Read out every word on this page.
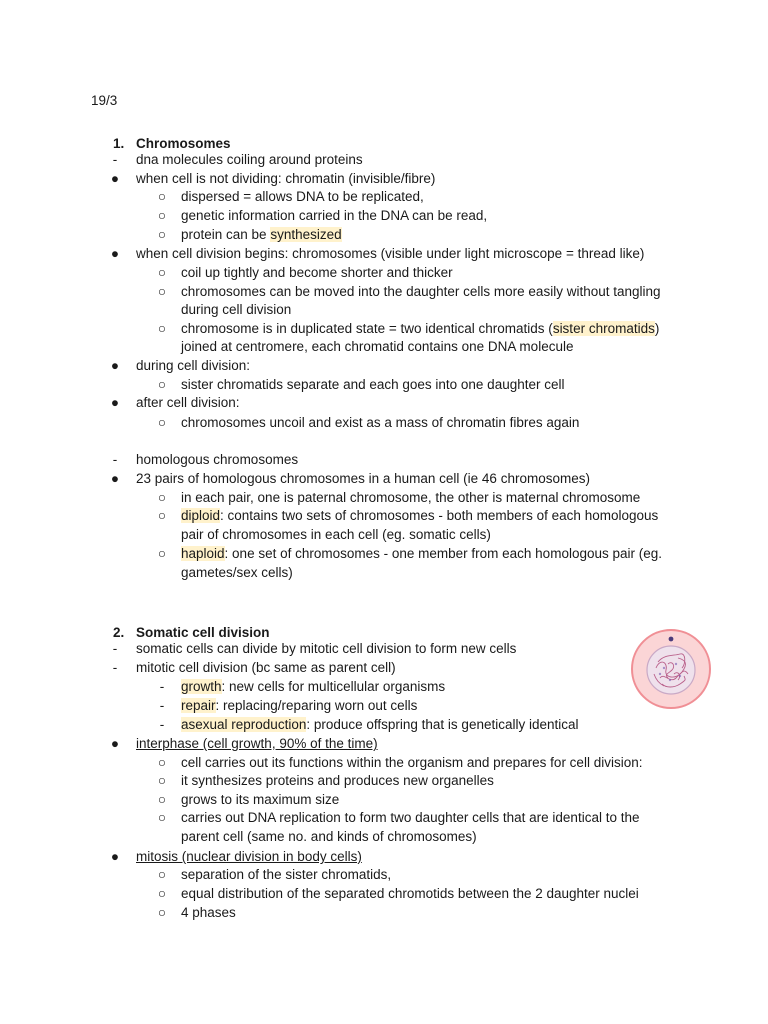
19/3
1. Chromosomes
-	dna molecules coiling around proteins
● when cell is not dividing: chromatin (invisible/fibre)
○ dispersed = allows DNA to be replicated,
○ genetic information carried in the DNA can be read,
○ protein can be synthesized
● when cell division begins: chromosomes (visible under light microscope = thread like)
○ coil up tightly and become shorter and thicker
○ chromosomes can be moved into the daughter cells more easily without tangling
during cell division
○ chromosome is in duplicated state = two identical chromatids (sister chromatids)
joined at centromere, each chromatid contains one DNA molecule
● during cell division:
○ sister chromatids separate and each goes into one daughter cell
● after cell division:
○ chromosomes uncoil and exist as a mass of chromatin fibres again
-	homologous chromosomes
● 23 pairs of homologous chromosomes in a human cell (ie 46 chromosomes)
○ in each pair, one is paternal chromosome, the other is maternal chromosome
○ diploid: contains two sets of chromosomes - both members of each homologous
pair of chromosomes in each cell (eg. somatic cells)
○ haploid: one set of chromosomes - one member from each homologous pair (eg.
gametes/sex cells)
2. Somatic cell division
-	somatic cells can divide by mitotic cell division to form new cells
-	mitotic cell division (bc same as parent cell)
-	growth: new cells for multicellular organisms
-	repair: replacing/reparing worn out cells
-	asexual reproduction: produce offspring that is genetically identical
● interphase (cell growth, 90% of the time)
○ cell carries out its functions within the organism and prepares for cell division:
○ it synthesizes proteins and produces new organelles
○ grows to its maximum size
○ carries out DNA replication to form two daughter cells that are identical to the
parent cell (same no. and kinds of chromosomes)
● mitosis (nuclear division in body cells)
○ separation of the sister chromatids,
○ equal distribution of the separated chromotids between the 2 daughter nuclei
○ 4 phases
